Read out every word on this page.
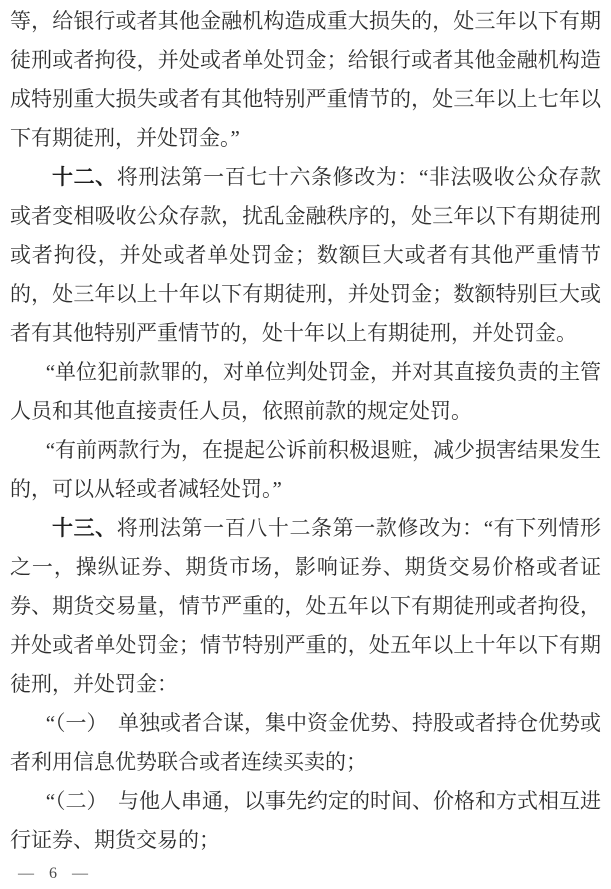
等，给银行或者其他金融机构造成重大损失的，处三年以下有期徒刑或者拘役，并处或者单处罚金；给银行或者其他金融机构造成特别重大损失或者有其他特别严重情节的，处三年以上七年以下有期徒刑，并处罚金。”

十二、将刑法第一百七十六条修改为：“非法吸收公众存款或者变相吸收公众存款，扰乱金融秩序的，处三年以下有期徒刑或者拘役，并处或者单处罚金；数额巨大或者有其他严重情节的，处三年以上十年以下有期徒刑，并处罚金；数额特别巨大或者有其他特别严重情节的，处十年以上有期徒刑，并处罚金。

“单位犯前款罪的，对单位判处罚金，并对其直接负责的主管人员和其他直接责任人员，依照前款的规定处罚。

“有前两款行为，在提起公诉前积极退赃，减少损害结果发生的，可以从轻或者减轻处罚。”

十三、将刑法第一百八十二条第一款修改为：“有下列情形之一，操纵证券、期货市场，影响证券、期货交易价格或者证券、期货交易量，情节严重的，处五年以下有期徒刑或者拘役，并处或者单处罚金；情节特别严重的，处五年以上十年以下有期徒刑，并处罚金：

“（一）　单独或者合谋，集中资金优势、持股或者持仓优势或者利用信息优势联合或者连续买卖的；

“（二）　与他人串通，以事先约定的时间、价格和方式相互进行证券、期货交易的；

— 6 —
